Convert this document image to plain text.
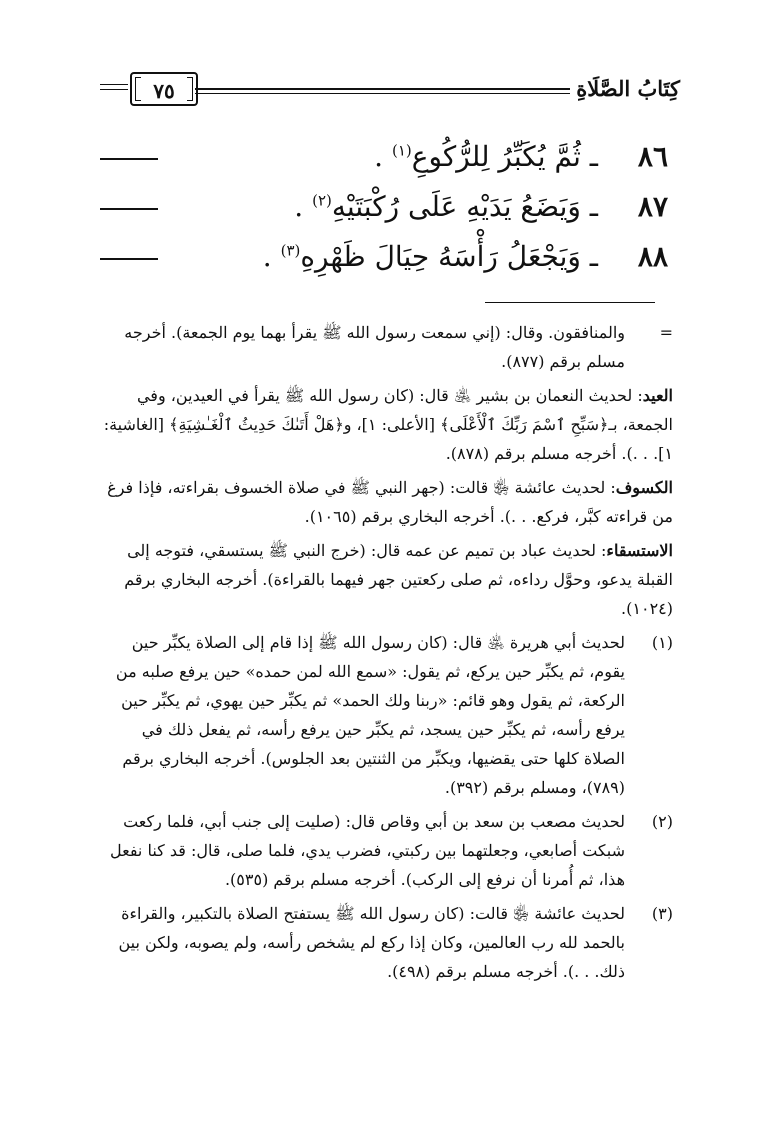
كِتَابُ الصَّلَاةِ
٧٥
٨٦
ـ ثُمَّ يُكَبِّرُ لِلرُّكُوعِ$^{(١)}$ .
٨٧
ـ وَيَضَعُ يَدَيْهِ عَلَى رُكْبَتَيْهِ$^{(٢)}$ .
٨٨
ـ وَيَجْعَلُ رَأْسَهُ حِيَالَ ظَهْرِهِ$^{(٣)}$ .
=

والمنافقون. وقال: (إني سمعت رسول الله ﷺ يقرأ بهما يوم الجمعة). أخرجه مسلم برقم (٨٧٧).

العيد: لحديث النعمان بن بشير ﵁ قال: (كان رسول الله ﷺ يقرأ في العيدين، وفي الجمعة، بـ﴿سَبِّحِ ٱسْمَ رَبِّكَ ٱلْأَعْلَى﴾ [الأعلى: ١]، و﴿هَلْ أَتَىٰكَ حَدِيثُ ٱلْغَـٰشِيَةِ﴾ [الغاشية: ١]. . .). أخرجه مسلم برقم (٨٧٨).

الكسوف: لحديث عائشة ﵂ قالت: (جهر النبي ﷺ في صلاة الخسوف بقراءته، فإذا فرغ من قراءته كبَّر، فركع. . .). أخرجه البخاري برقم (١٠٦٥).

الاستسقاء: لحديث عباد بن تميم عن عمه قال: (خرج النبي ﷺ يستسقي، فتوجه إلى القبلة يدعو، وحوَّل رداءه، ثم صلى ركعتين جهر فيهما بالقراءة). أخرجه البخاري برقم (١٠٢٤).

(١)

لحديث أبي هريرة ﵁ قال: (كان رسول الله ﷺ إذا قام إلى الصلاة يكبِّر حين يقوم، ثم يكبِّر حين يركع، ثم يقول: «سمع الله لمن حمده» حين يرفع صلبه من الركعة، ثم يقول وهو قائم: «ربنا ولك الحمد» ثم يكبِّر حين يهوي، ثم يكبِّر حين يرفع رأسه، ثم يكبِّر حين يسجد، ثم يكبِّر حين يرفع رأسه، ثم يفعل ذلك في الصلاة كلها حتى يقضيها، ويكبِّر من الثنتين بعد الجلوس). أخرجه البخاري برقم (٧٨٩)، ومسلم برقم (٣٩٢).

(٢)

لحديث مصعب بن سعد بن أبي وقاص قال: (صليت إلى جنب أبي، فلما ركعت شبكت أصابعي، وجعلتهما بين ركبتي، فضرب يدي، فلما صلى، قال: قد كنا نفعل هذا، ثم أُمرنا أن نرفع إلى الركب). أخرجه مسلم برقم (٥٣٥).

(٣)

لحديث عائشة ﵂ قالت: (كان رسول الله ﷺ يستفتح الصلاة بالتكبير، والقراءة بالحمد لله رب العالمين، وكان إذا ركع لم يشخص رأسه، ولم يصوبه، ولكن بين ذلك. . .). أخرجه مسلم برقم (٤٩٨).
